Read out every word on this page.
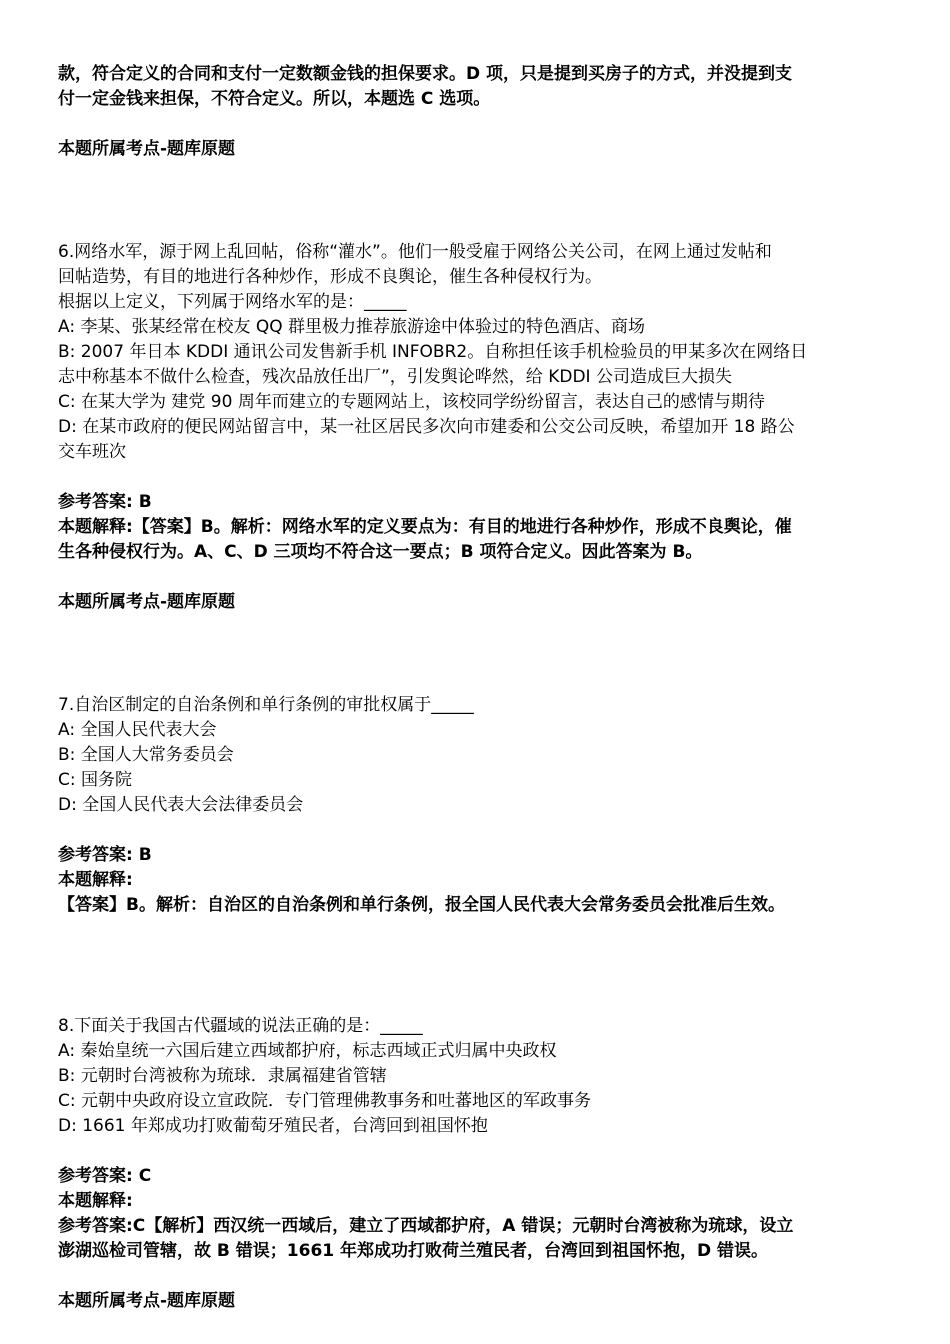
款，符合定义的合同和支付一定数额金钱的担保要求。D 项，只是提到买房子的方式，并没提到支
付一定金钱来担保，不符合定义。所以，本题选 C 选项。
本题所属考点-题库原题
6.网络水军，源于网上乱回帖，俗称“灌水”。他们一般受雇于网络公关公司，在网上通过发帖和
回帖造势，有目的地进行各种炒作，形成不良舆论，催生各种侵权行为。
根据以上定义，下列属于网络水军的是：_____
A: 李某、张某经常在校友 QQ 群里极力推荐旅游途中体验过的特色酒店、商场
B: 2007 年日本 KDDI 通讯公司发售新手机 INFOBR2。自称担任该手机检验员的甲某多次在网络日
志中称基本不做什么检查，残次品放任出厂”，引发舆论哗然，给 KDDI 公司造成巨大损失
C: 在某大学为 建党 90 周年而建立的专题网站上，该校同学纷纷留言，表达自己的感情与期待
D: 在某市政府的便民网站留言中，某一社区居民多次向市建委和公交公司反映，希望加开 18 路公
交车班次
参考答案: B
本题解释:【答案】B。解析：网络水军的定义要点为：有目的地进行各种炒作，形成不良舆论，催
生各种侵权行为。A、C、D 三项均不符合这一要点；B 项符合定义。因此答案为 B。
本题所属考点-题库原题
7.自治区制定的自治条例和单行条例的审批权属于_____
A: 全国人民代表大会
B: 全国人大常务委员会
C: 国务院
D: 全国人民代表大会法律委员会
参考答案: B
本题解释:
【答案】B。解析：自治区的自治条例和单行条例，报全国人民代表大会常务委员会批准后生效。
8.下面关于我国古代疆域的说法正确的是：_____
A: 秦始皇统一六国后建立西域都护府，标志西域正式归属中央政权
B: 元朝时台湾被称为琉球．隶属福建省管辖
C: 元朝中央政府设立宣政院．专门管理佛教事务和吐蕃地区的军政事务
D: 1661 年郑成功打败葡萄牙殖民者，台湾回到祖国怀抱
参考答案: C
本题解释:
参考答案:C【解析】西汉统一西域后，建立了西域都护府，A 错误；元朝时台湾被称为琉球，设立
澎湖巡检司管辖，故 B 错误；1661 年郑成功打败荷兰殖民者，台湾回到祖国怀抱，D 错误。
本题所属考点-题库原题
